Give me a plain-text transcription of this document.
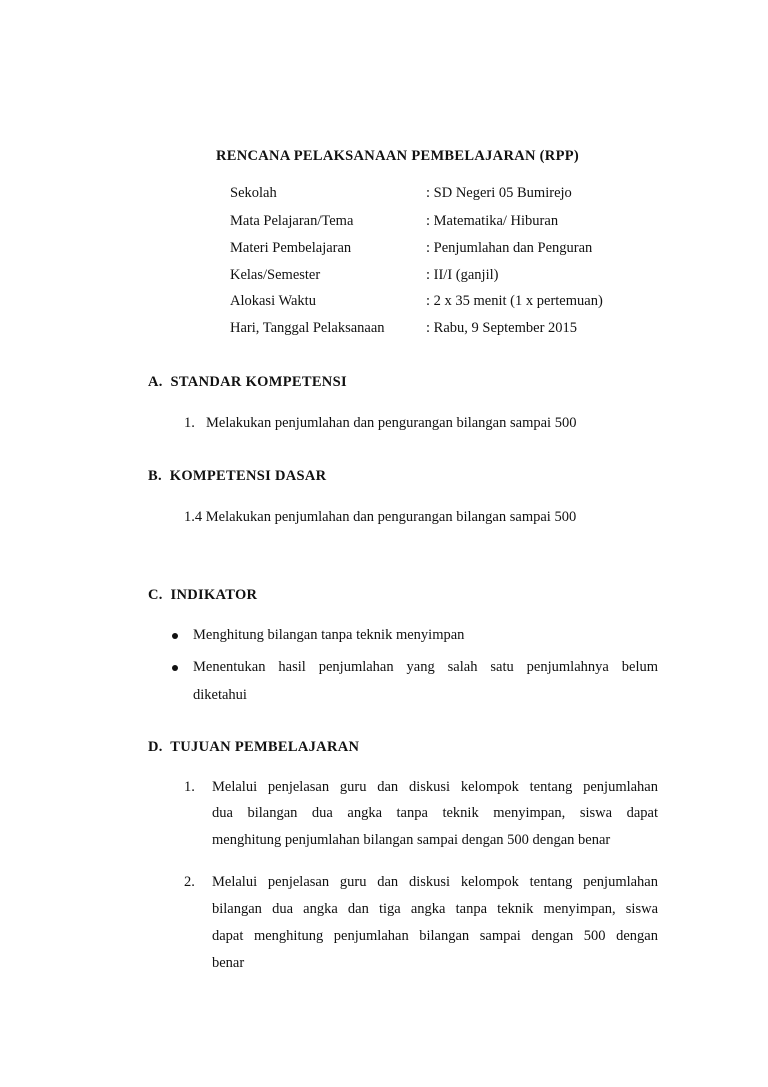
RENCANA PELAKSANAAN PEMBELAJARAN (RPP)
Sekolah	: SD Negeri 05 Bumirejo
Mata Pelajaran/Tema	: Matematika/ Hiburan
Materi Pembelajaran	: Penjumlahan dan Penguran
Kelas/Semester	: II/I (ganjil)
Alokasi Waktu	: 2 x 35 menit (1 x pertemuan)
Hari, Tanggal Pelaksanaan	: Rabu, 9 September 2015
A.  STANDAR KOMPETENSI
1. Melakukan penjumlahan dan pengurangan bilangan sampai 500
B.  KOMPETENSI DASAR
1.4 Melakukan penjumlahan dan pengurangan bilangan sampai 500
C.  INDIKATOR
Menghitung bilangan tanpa teknik menyimpan
Menentukan hasil penjumlahan yang salah satu penjumlahnya belum
diketahui
D.  TUJUAN PEMBELAJARAN
1. Melalui penjelasan guru dan diskusi kelompok tentang penjumlahan
dua bilangan dua angka tanpa teknik menyimpan, siswa dapat
menghitung penjumlahan bilangan sampai dengan 500 dengan benar
2. Melalui penjelasan guru dan diskusi kelompok tentang penjumlahan
bilangan dua angka dan tiga angka tanpa teknik menyimpan, siswa
dapat menghitung penjumlahan bilangan sampai dengan 500 dengan
benar
